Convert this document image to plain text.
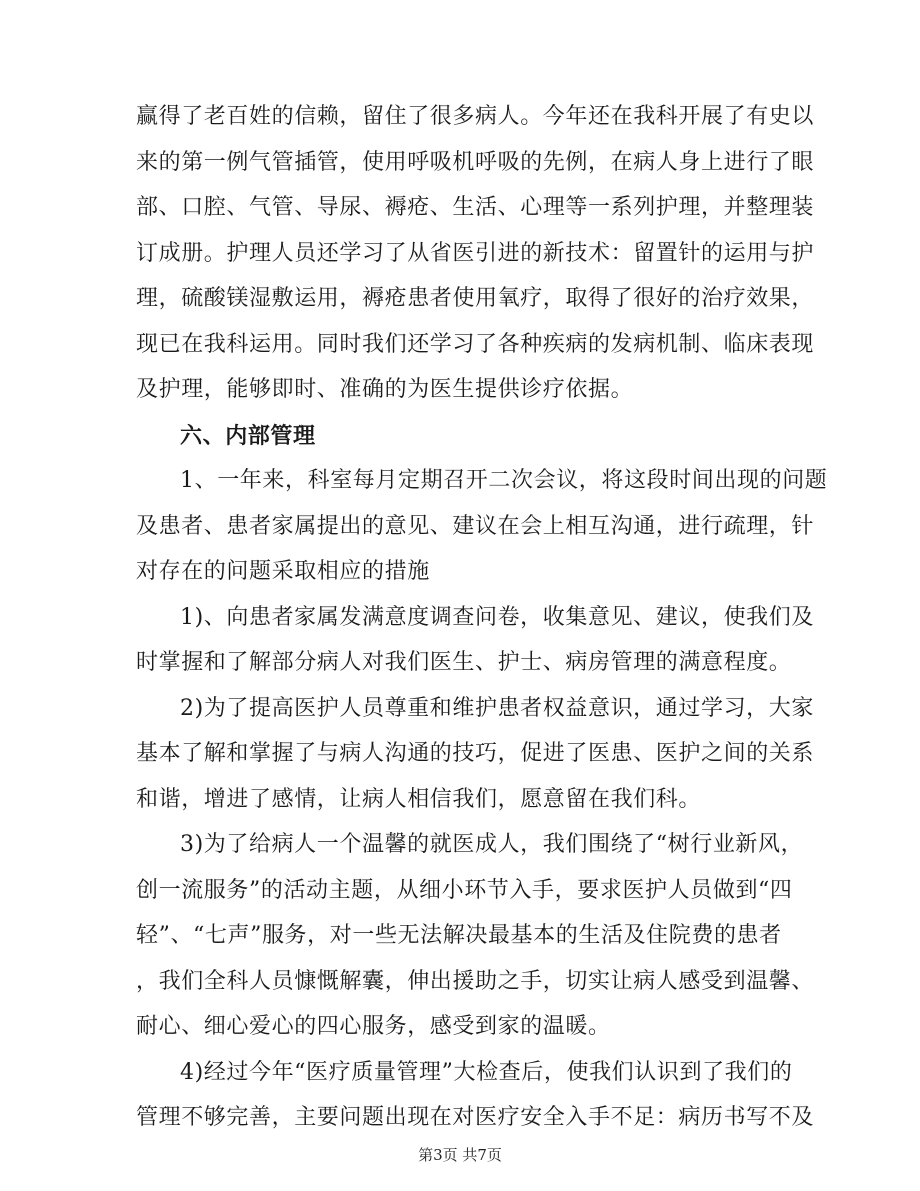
赢得了老百姓的信赖，留住了很多病人。今年还在我科开展了有史以
来的第一例气管插管，使用呼吸机呼吸的先例，在病人身上进行了眼
部、口腔、气管、导尿、褥疮、生活、心理等一系列护理，并整理装
订成册。护理人员还学习了从省医引进的新技术：留置针的运用与护
理，硫酸镁湿敷运用，褥疮患者使用氧疗，取得了很好的治疗效果，
现已在我科运用。同时我们还学习了各种疾病的发病机制、临床表现
及护理，能够即时、准确的为医生提供诊疗依据。
六、内部管理
1、一年来，科室每月定期召开二次会议，将这段时间出现的问题
及患者、患者家属提出的意见、建议在会上相互沟通，进行疏理，针
对存在的问题采取相应的措施
1)、向患者家属发满意度调查问卷，收集意见、建议，使我们及
时掌握和了解部分病人对我们医生、护士、病房管理的满意程度。
2)为了提高医护人员尊重和维护患者权益意识，通过学习，大家
基本了解和掌握了与病人沟通的技巧，促进了医患、医护之间的关系
和谐，增进了感情，让病人相信我们，愿意留在我们科。
3)为了给病人一个温馨的就医成人，我们围绕了“树行业新风，
创一流服务”的活动主题，从细小环节入手，要求医护人员做到“四
轻”、“七声”服务，对一些无法解决最基本的生活及住院费的患者
，我们全科人员慷慨解囊，伸出援助之手，切实让病人感受到温馨、
耐心、细心爱心的四心服务，感受到家的温暖。
4)经过今年“医疗质量管理”大检查后，使我们认识到了我们的
管理不够完善，主要问题出现在对医疗安全入手不足：病历书写不及
第3页 共7页
